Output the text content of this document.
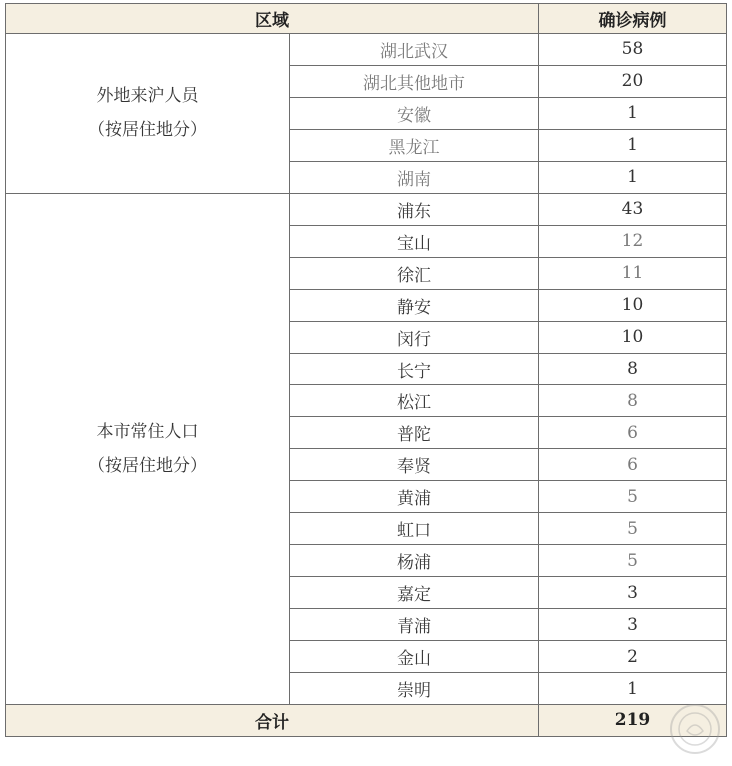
区域		确诊病例

外地来沪人员
（按居住地分）	湖北武汉	58
	湖北其他地市	20
	安徽	1
	黑龙江	1
	湖南	1

本市常住人口
（按居住地分）	浦东	43
	宝山	12
	徐汇	11
	静安	10
	闵行	10
	长宁	8
	松江	8
	普陀	6
	奉贤	6
	黄浦	5
	虹口	5
	杨浦	5
	嘉定	3
	青浦	3
	金山	2
	崇明	1
合计		219
